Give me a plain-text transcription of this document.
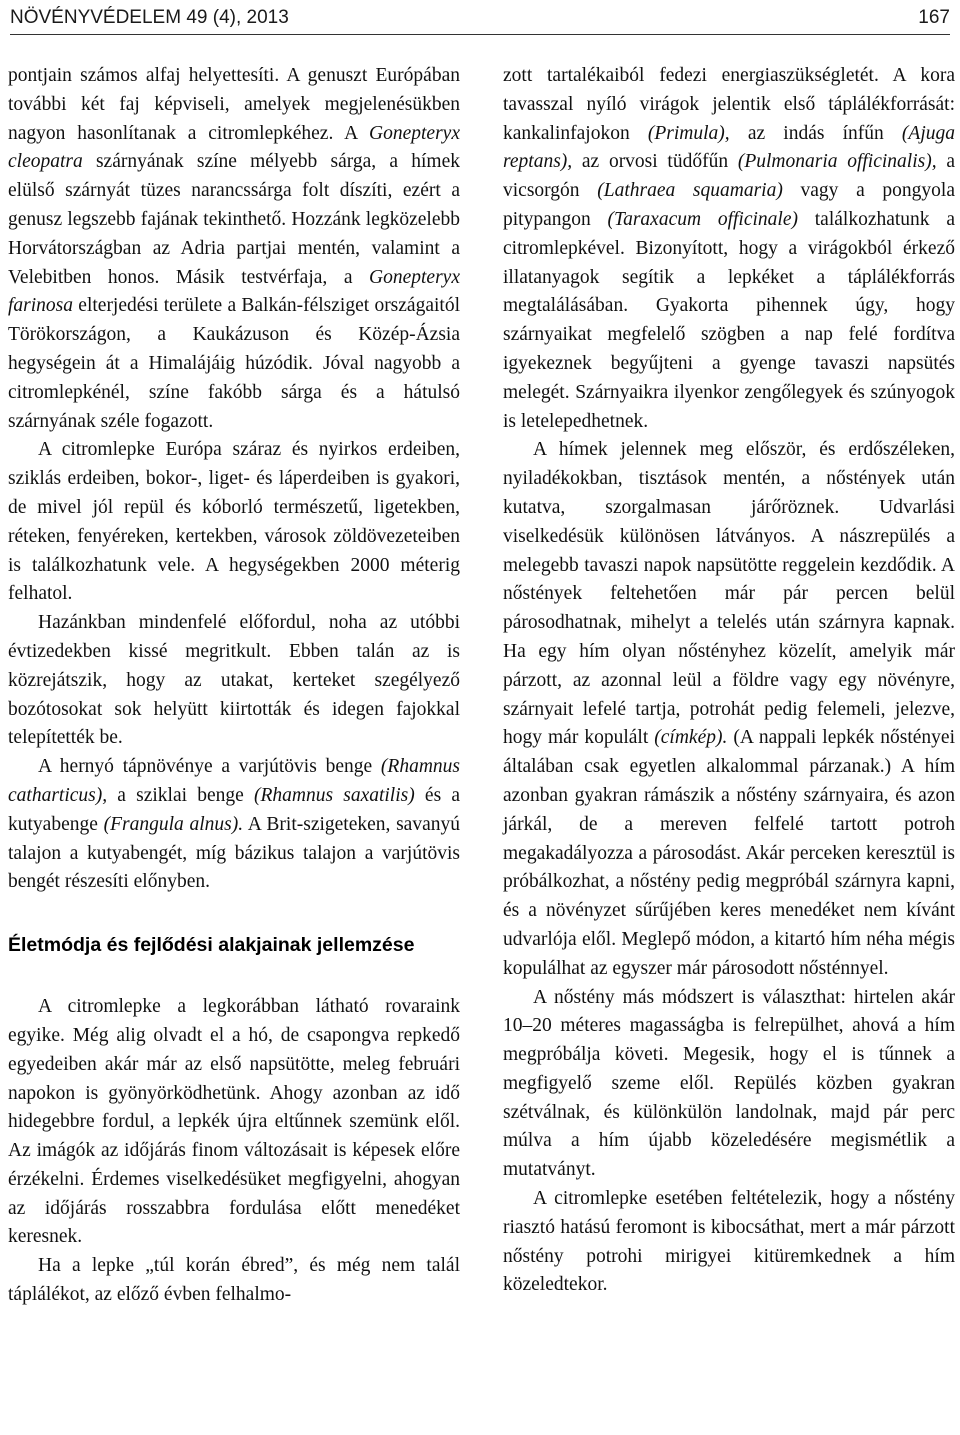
NÖVÉNYVÉDELEM 49 (4), 2013	167

pontjain számos alfaj helyettesíti. A genuszt Európában további két faj képviseli, amelyek megjelenésükben nagyon hasonlítanak a citromlepkéhez. A Gonepteryx cleopatra szárnyának színe mélyebb sárga, a hímek elülső szárnyát tüzes narancssárga folt díszíti, ezért a genusz legszebb fajának tekinthető. Hozzánk legközelebb Horvátországban az Adria partjai mentén, valamint a Velebitben honos. Másik testvérfaja, a Gonepteryx farinosa elterjedési területe a Balkán-félsziget országaitól Törökországon, a Kaukázuson és Közép-Ázsia hegységein át a Himalájáig húzódik. Jóval nagyobb a citromlepkénél, színe fakóbb sárga és a hátulsó szárnyának széle fogazott.

A citromlepke Európa száraz és nyirkos erdeiben, sziklás erdeiben, bokor-, liget- és láperdeiben is gyakori, de mivel jól repül és kóborló természetű, ligetekben, réteken, fenyéreken, kertekben, városok zöldövezeteiben is találkozhatunk vele. A hegységekben 2000 méterig felhatol.

Hazánkban mindenfelé előfordul, noha az utóbbi évtizedekben kissé megritkult. Ebben talán az is közrejátszik, hogy az utakat, kerteket szegélyező bozótosokat sok helyütt kiirtották és idegen fajokkal telepítették be.

A hernyó tápnövénye a varjútövis benge (Rhamnus catharticus), a sziklai benge (Rhamnus saxatilis) és a kutyabenge (Frangula alnus). A Brit-szigeteken, savanyú talajon a kutyabengét, míg bázikus talajon a varjútövis bengét részesíti előnyben.

Életmódja és fejlődési alakjainak jellemzése

A citromlepke a legkorábban látható rovaraink egyike. Még alig olvadt el a hó, de csapongva repkedő egyedeiben akár már az első napsütötte, meleg februári napokon is gyönyörködhetünk. Ahogy azonban az idő hidegebbre fordul, a lepkék újra eltűnnek szemünk elől. Az imágók az időjárás finom változásait is képesek előre érzékelni. Érdemes viselkedésüket megfigyelni, ahogyan az időjárás rosszabbra fordulása előtt menedéket keresnek.

Ha a lepke „túl korán ébred”, és még nem talál táplálékot, az előző évben felhalmo-

zott tartalékaiból fedezi energiaszükségletét. A kora tavasszal nyíló virágok jelentik első táplálékforrását: kankalinfajokon (Primula), az indás ínfűn (Ajuga reptans), az orvosi tüdőfűn (Pulmonaria officinalis), a vicsorgón (Lathraea squamaria) vagy a pongyola pitypangon (Taraxacum officinale) találkozhatunk a citromlepkével. Bizonyított, hogy a virágokból érkező illatanyagok segítik a lepkéket a táplálékforrás megtalálásában. Gyakorta pihennek úgy, hogy szárnyaikat megfelelő szögben a nap felé fordítva igyekeznek begyűjteni a gyenge tavaszi napsütés melegét. Szárnyaikra ilyenkor zengőlegyek és szúnyogok is letelepedhetnek.

A hímek jelennek meg először, és erdőszéleken, nyiladékokban, tisztások mentén, a nőstények után kutatva, szorgalmasan járőröznek. Udvarlási viselkedésük különösen látványos. A nászrepülés a melegebb tavaszi napok napsütötte reggelein kezdődik. A nőstények feltehetően már pár percen belül párosodhatnak, mihelyt a telelés után szárnyra kapnak. Ha egy hím olyan nőstényhez közelít, amelyik már párzott, az azonnal leül a földre vagy egy növényre, szárnyait lefelé tartja, potrohát pedig felemeli, jelezve, hogy már kopulált (címkép). (A nappali lepkék nőstényei általában csak egyetlen alkalommal párzanak.) A hím azonban gyakran rámászik a nőstény szárnyaira, és azon járkál, de a mereven felfelé tartott potroh megakadályozza a párosodást. Akár perceken keresztül is próbálkozhat, a nőstény pedig megpróbál szárnyra kapni, és a növényzet sűrűjében keres menedéket nem kívánt udvarlója elől. Meglepő módon, a kitartó hím néha mégis kopulálhat az egyszer már párosodott nősténnyel.

A nőstény más módszert is választhat: hirtelen akár 10–20 méteres magasságba is felrepülhet, ahová a hím megpróbálja követi. Megesik, hogy el is tűnnek a megfigyelő szeme elől. Repülés közben gyakran szétválnak, és különkülön landolnak, majd pár perc múlva a hím újabb közeledésére megismétlik a mutatványt.

A citromlepke esetében feltételezik, hogy a nőstény riasztó hatású feromont is kibocsáthat, mert a már párzott nőstény potrohi mirigyei kitüremkednek a hím közeledtekor.
